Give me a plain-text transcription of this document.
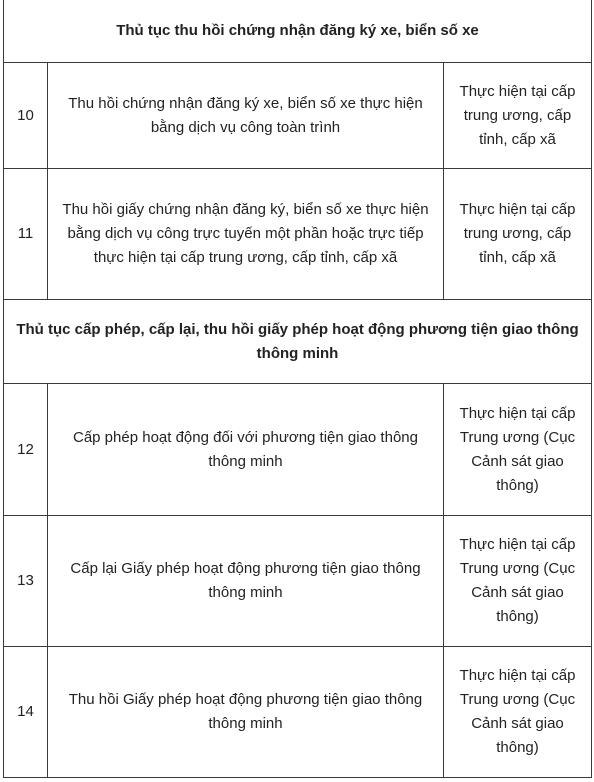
Thủ tục thu hồi chứng nhận đăng ký xe, biển số xe		
10	Thu hồi chứng nhận đăng ký xe, biển số xe thực hiện bằng dịch vụ công toàn trình	Thực hiện tại cấp trung ương, cấp tỉnh, cấp xã
11	Thu hồi giấy chứng nhận đăng ký, biển số xe thực hiện bằng dịch vụ công trực tuyến một phần hoặc trực tiếp thực hiện tại cấp trung ương, cấp tỉnh, cấp xã	Thực hiện tại cấp trung ương, cấp tỉnh, cấp xã
Thủ tục cấp phép, cấp lại, thu hồi giấy phép hoạt động phương tiện giao thông thông minh		
12	Cấp phép hoạt động đối với phương tiện giao thông thông minh	Thực hiện tại cấp Trung ương (Cục Cảnh sát giao thông)
13	Cấp lại Giấy phép hoạt động phương tiện giao thông thông minh	Thực hiện tại cấp Trung ương (Cục Cảnh sát giao thông)
14	Thu hồi Giấy phép hoạt động phương tiện giao thông thông minh	Thực hiện tại cấp Trung ương (Cục Cảnh sát giao thông)
